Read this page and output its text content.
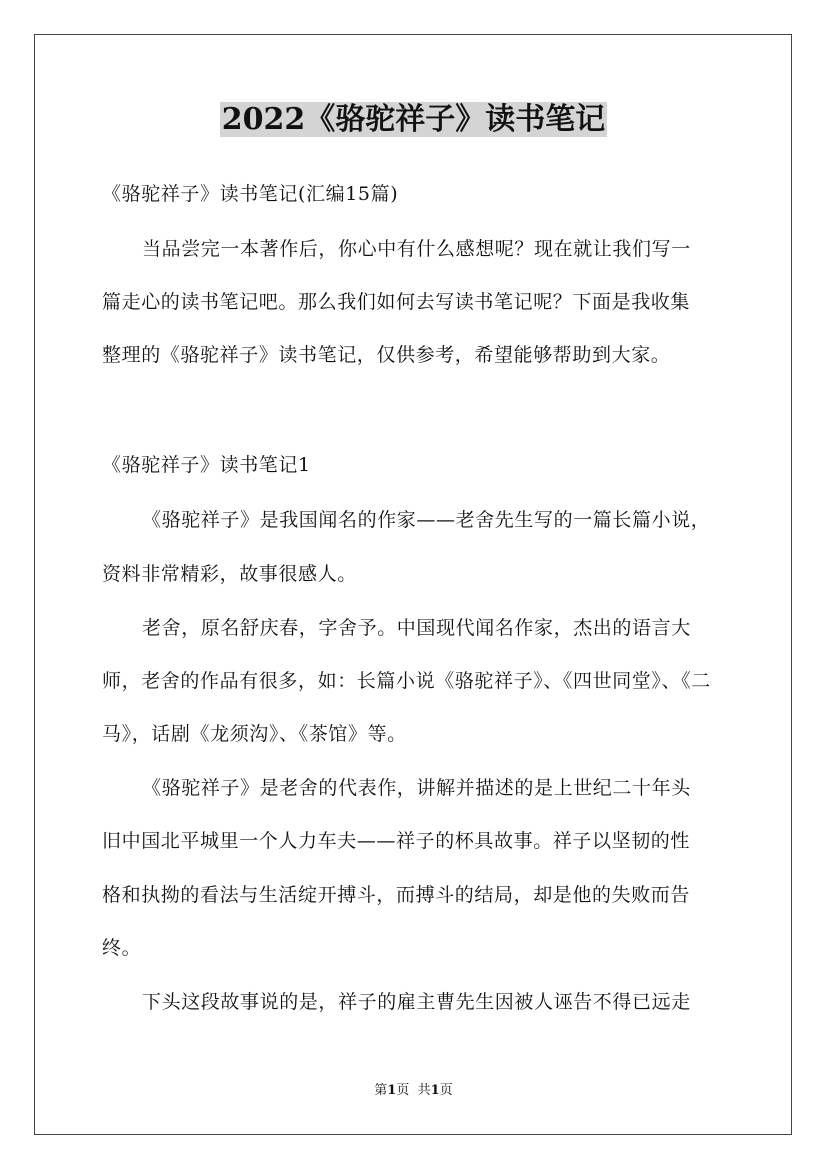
2022《骆驼祥子》读书笔记
《骆驼祥子》读书笔记(汇编15篇)
当品尝完一本著作后，你心中有什么感想呢？现在就让我们写一
篇走心的读书笔记吧。那么我们如何去写读书笔记呢？下面是我收集
整理的《骆驼祥子》读书笔记，仅供参考，希望能够帮助到大家。
《骆驼祥子》读书笔记1
《骆驼祥子》是我国闻名的作家——老舍先生写的一篇长篇小说，
资料非常精彩，故事很感人。
老舍，原名舒庆春，字舍予。中国现代闻名作家，杰出的语言大
师，老舍的作品有很多，如：长篇小说《骆驼祥子》、《四世同堂》、《二
马》，话剧《龙须沟》、《茶馆》等。
《骆驼祥子》是老舍的代表作，讲解并描述的是上世纪二十年头
旧中国北平城里一个人力车夫——祥子的杯具故事。祥子以坚韧的性
格和执拗的看法与生活绽开搏斗，而搏斗的结局，却是他的失败而告
终。
下头这段故事说的是，祥子的雇主曹先生因被人诬告不得已远走
第1页 共1页
